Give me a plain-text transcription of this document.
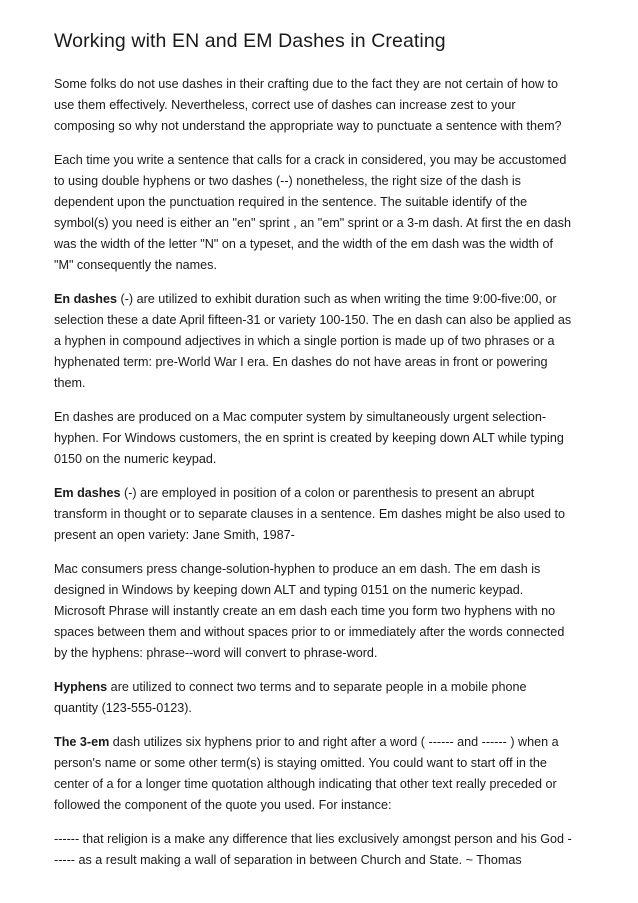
Working with EN and EM Dashes in Creating
Some folks do not use dashes in their crafting due to the fact they are not certain of how to
use them effectively. Nevertheless, correct use of dashes can increase zest to your
composing so why not understand the appropriate way to punctuate a sentence with them?
Each time you write a sentence that calls for a crack in considered, you may be accustomed
to using double hyphens or two dashes (--) nonetheless, the right size of the dash is
dependent upon the punctuation required in the sentence. The suitable identify of the
symbol(s) you need is either an "en" sprint , an "em" sprint or a 3-m dash. At first the en dash
was the width of the letter "N" on a typeset, and the width of the em dash was the width of
"M" consequently the names.
En dashes (-) are utilized to exhibit duration such as when writing the time 9:00-five:00, or
selection these a date April fifteen-31 or variety 100-150. The en dash can also be applied as
a hyphen in compound adjectives in which a single portion is made up of two phrases or a
hyphenated term: pre-World War I era. En dashes do not have areas in front or powering
them.
En dashes are produced on a Mac computer system by simultaneously urgent selection-
hyphen. For Windows customers, the en sprint is created by keeping down ALT while typing
0150 on the numeric keypad.
Em dashes (-) are employed in position of a colon or parenthesis to present an abrupt
transform in thought or to separate clauses in a sentence. Em dashes might be also used to
present an open variety: Jane Smith, 1987-
Mac consumers press change-solution-hyphen to produce an em dash. The em dash is
designed in Windows by keeping down ALT and typing 0151 on the numeric keypad.
Microsoft Phrase will instantly create an em dash each time you form two hyphens with no
spaces between them and without spaces prior to or immediately after the words connected
by the hyphens: phrase--word will convert to phrase-word.
Hyphens are utilized to connect two terms and to separate people in a mobile phone
quantity (123-555-0123).
The 3-em dash utilizes six hyphens prior to and right after a word ( ------ and ------ ) when a
person's name or some other term(s) is staying omitted. You could want to start off in the
center of a for a longer time quotation although indicating that other text really preceded or
followed the component of the quote you used. For instance:
------ that religion is a make any difference that lies exclusively amongst person and his God -
----- as a result making a wall of separation in between Church and State. ~ Thomas
